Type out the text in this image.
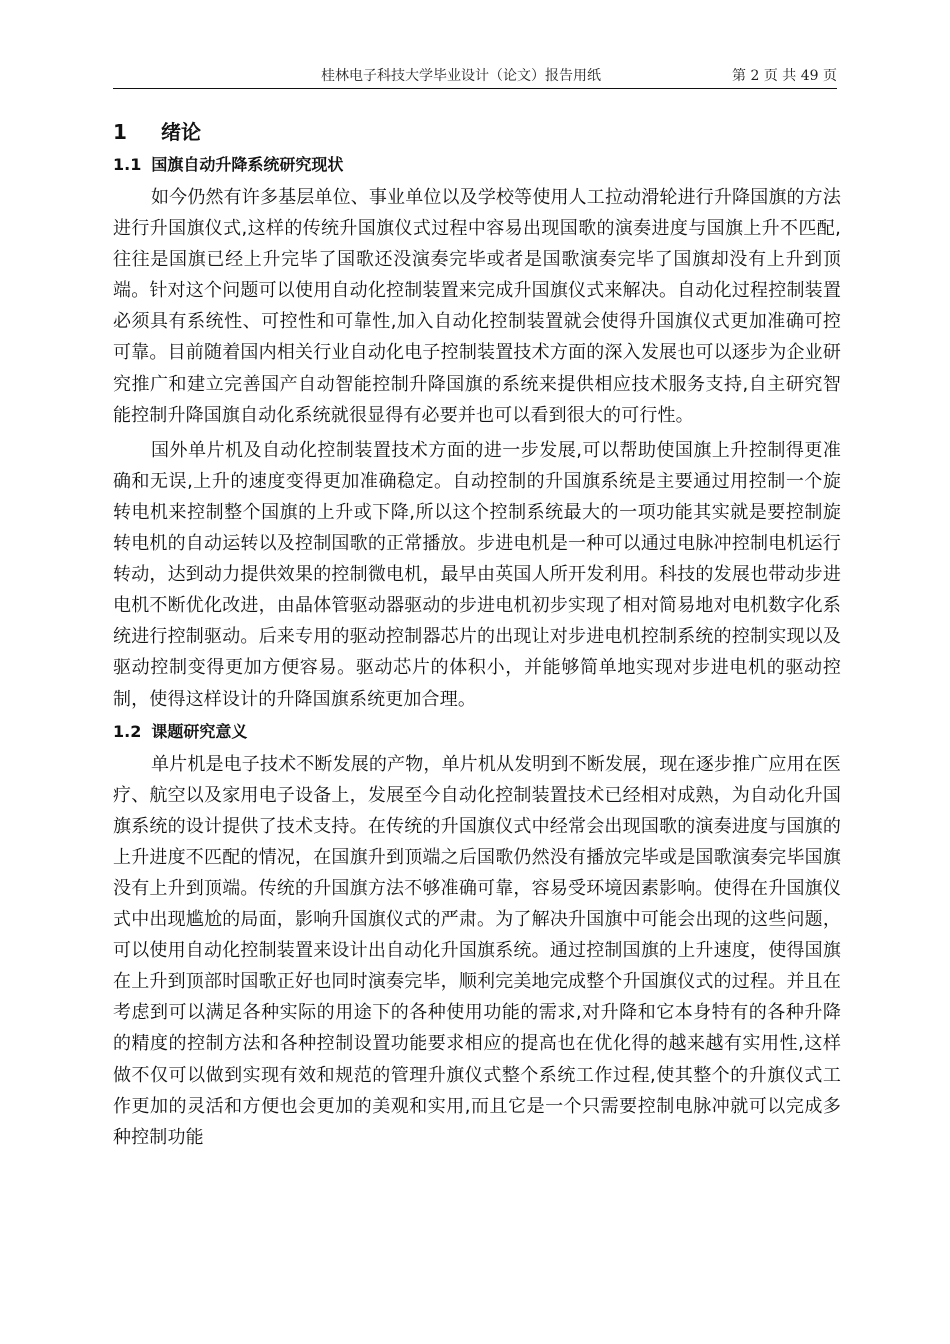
桂林电子科技大学毕业设计（论文）报告用纸	第 2 页 共 49 页
1 绪论
1.1 国旗自动升降系统研究现状

如今仍然有许多基层单位、事业单位以及学校等使用人工拉动滑轮进行升降国旗的方法进行升国旗仪式,这样的传统升国旗仪式过程中容易出现国歌的演奏进度与国旗上升不匹配,往往是国旗已经上升完毕了国歌还没演奏完毕或者是国歌演奏完毕了国旗却没有上升到顶端。针对这个问题可以使用自动化控制装置来完成升国旗仪式来解决。自动化过程控制装置必须具有系统性、可控性和可靠性,加入自动化控制装置就会使得升国旗仪式更加准确可控可靠。目前随着国内相关行业自动化电子控制装置技术方面的深入发展也可以逐步为企业研究推广和建立完善国产自动智能控制升降国旗的系统来提供相应技术服务支持,自主研究智能控制升降国旗自动化系统就很显得有必要并也可以看到很大的可行性。

国外单片机及自动化控制装置技术方面的进一步发展,可以帮助使国旗上升控制得更准确和无误,上升的速度变得更加准确稳定。自动控制的升国旗系统是主要通过用控制一个旋转电机来控制整个国旗的上升或下降,所以这个控制系统最大的一项功能其实就是要控制旋转电机的自动运转以及控制国歌的正常播放。步进电机是一种可以通过电脉冲控制电机运行转动，达到动力提供效果的控制微电机，最早由英国人所开发利用。科技的发展也带动步进电机不断优化改进，由晶体管驱动器驱动的步进电机初步实现了相对简易地对电机数字化系统进行控制驱动。后来专用的驱动控制器芯片的出现让对步进电机控制系统的控制实现以及驱动控制变得更加方便容易。驱动芯片的体积小，并能够简单地实现对步进电机的驱动控制，使得这样设计的升降国旗系统更加合理。

1.2 课题研究意义

单片机是电子技术不断发展的产物，单片机从发明到不断发展，现在逐步推广应用在医疗、航空以及家用电子设备上，发展至今自动化控制装置技术已经相对成熟，为自动化升国旗系统的设计提供了技术支持。在传统的升国旗仪式中经常会出现国歌的演奏进度与国旗的上升进度不匹配的情况，在国旗升到顶端之后国歌仍然没有播放完毕或是国歌演奏完毕国旗没有上升到顶端。传统的升国旗方法不够准确可靠，容易受环境因素影响。使得在升国旗仪式中出现尴尬的局面，影响升国旗仪式的严肃。为了解决升国旗中可能会出现的这些问题，可以使用自动化控制装置来设计出自动化升国旗系统。通过控制国旗的上升速度，使得国旗在上升到顶部时国歌正好也同时演奏完毕，顺利完美地完成整个升国旗仪式的过程。并且在考虑到可以满足各种实际的用途下的各种使用功能的需求,对升降和它本身特有的各种升降的精度的控制方法和各种控制设置功能要求相应的提高也在优化得的越来越有实用性,这样做不仅可以做到实现有效和规范的管理升旗仪式整个系统工作过程,使其整个的升旗仪式工作更加的灵活和方便也会更加的美观和实用,而且它是一个只需要控制电脉冲就可以完成多种控制功能
